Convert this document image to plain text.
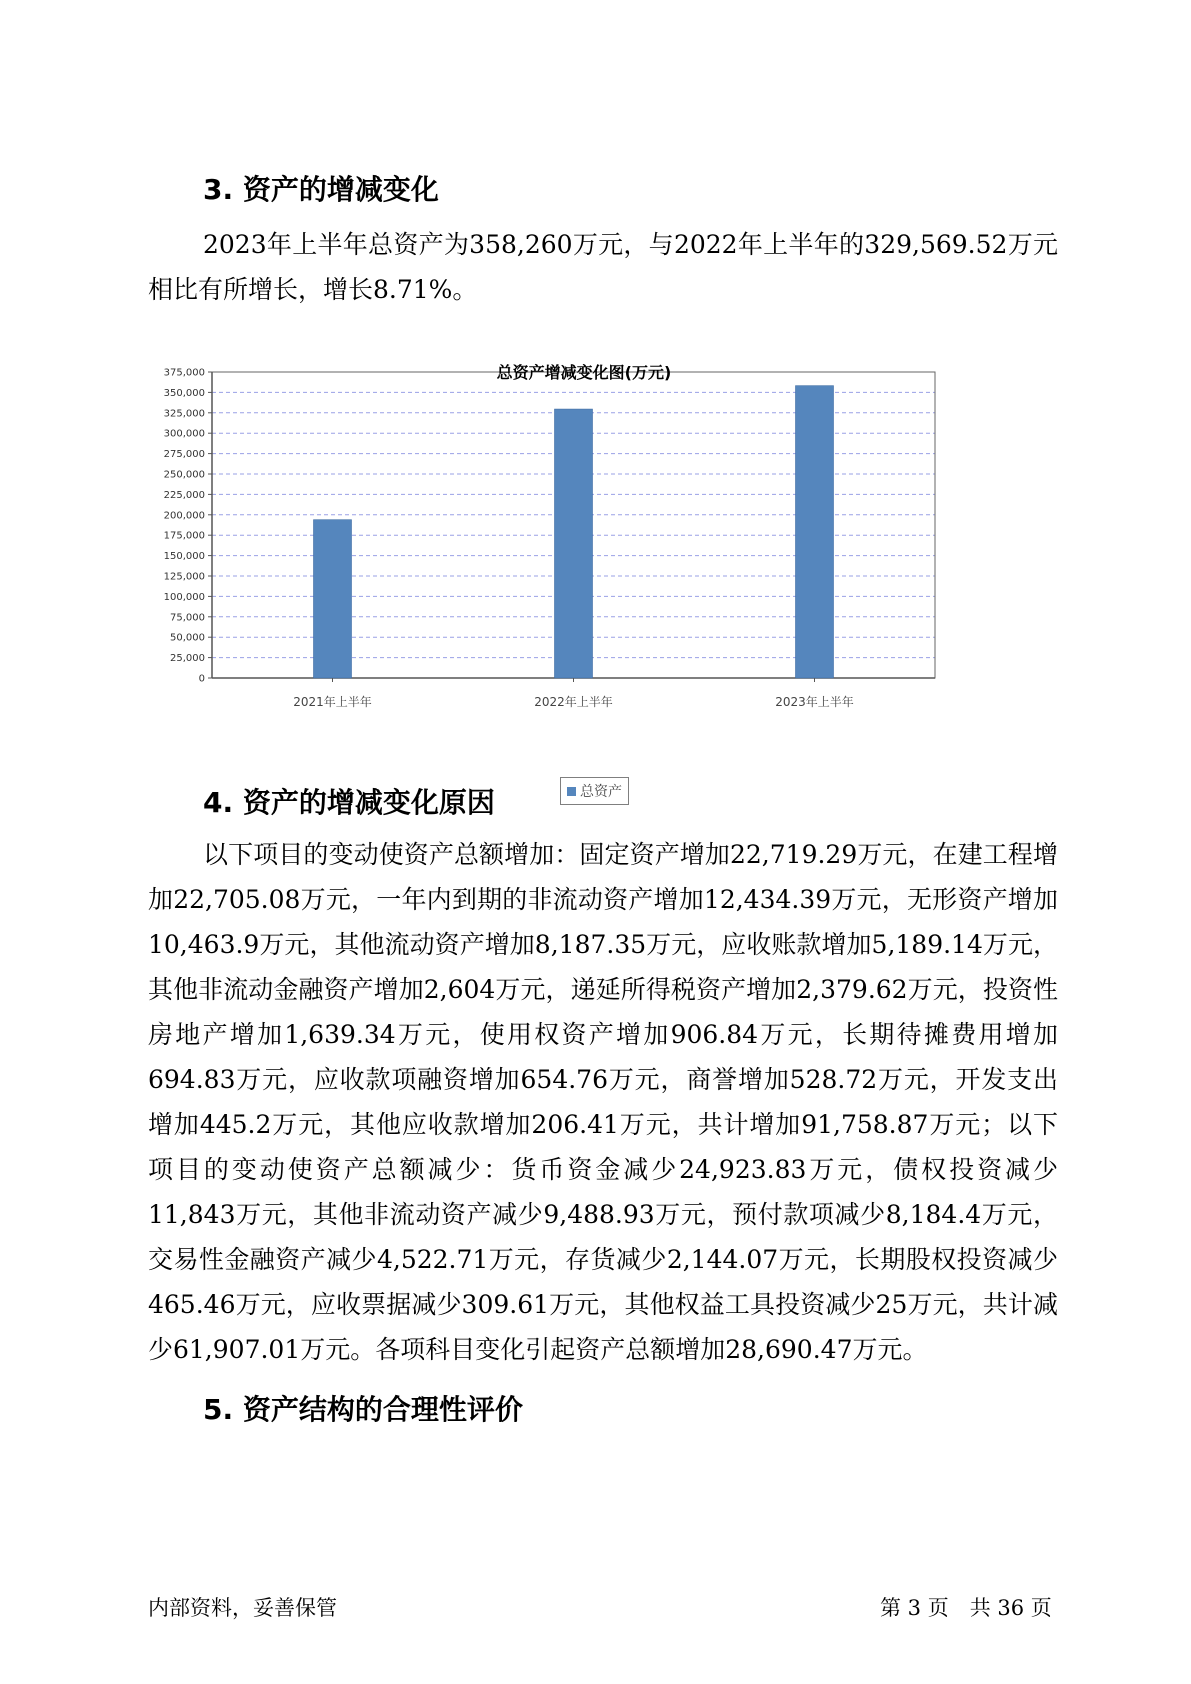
3. 资产的增减变化
2023年上半年总资产为358,260万元，与2022年上半年的329,569.52万元相比有所增长，增长8.71%。
总资产增减变化图(万元)
0
25,000
50,000
75,000
100,000
125,000
150,000
175,000
200,000
225,000
250,000
275,000
300,000
325,000
350,000
375,000
2021年上半年	2022年上半年	2023年上半年
4. 资产的增减变化原因
以下项目的变动使资产总额增加：固定资产增加22,719.29万元，在建工程增加22,705.08万元，一年内到期的非流动资产增加12,434.39万元，无形资产增加10,463.9万元，其他流动资产增加8,187.35万元，应收账款增加5,189.14万元，其他非流动金融资产增加2,604万元，递延所得税资产增加2,379.62万元，投资性房地产增加1,639.34万元，使用权资产增加906.84万元，长期待摊费用增加694.83万元，应收款项融资增加654.76万元，商誉增加528.72万元，开发支出增加445.2万元，其他应收款增加206.41万元，共计增加91,758.87万元；以下项目的变动使资产总额减少：货币资金减少24,923.83万元，债权投资减少11,843万元，其他非流动资产减少9,488.93万元，预付款项减少8,184.4万元，交易性金融资产减少4,522.71万元，存货减少2,144.07万元，长期股权投资减少465.46万元，应收票据减少309.61万元，其他权益工具投资减少25万元，共计减少61,907.01万元。各项科目变化引起资产总额增加28,690.47万元。
5. 资产结构的合理性评价
内部资料，妥善保管	第 3 页　共 36 页
总资产
